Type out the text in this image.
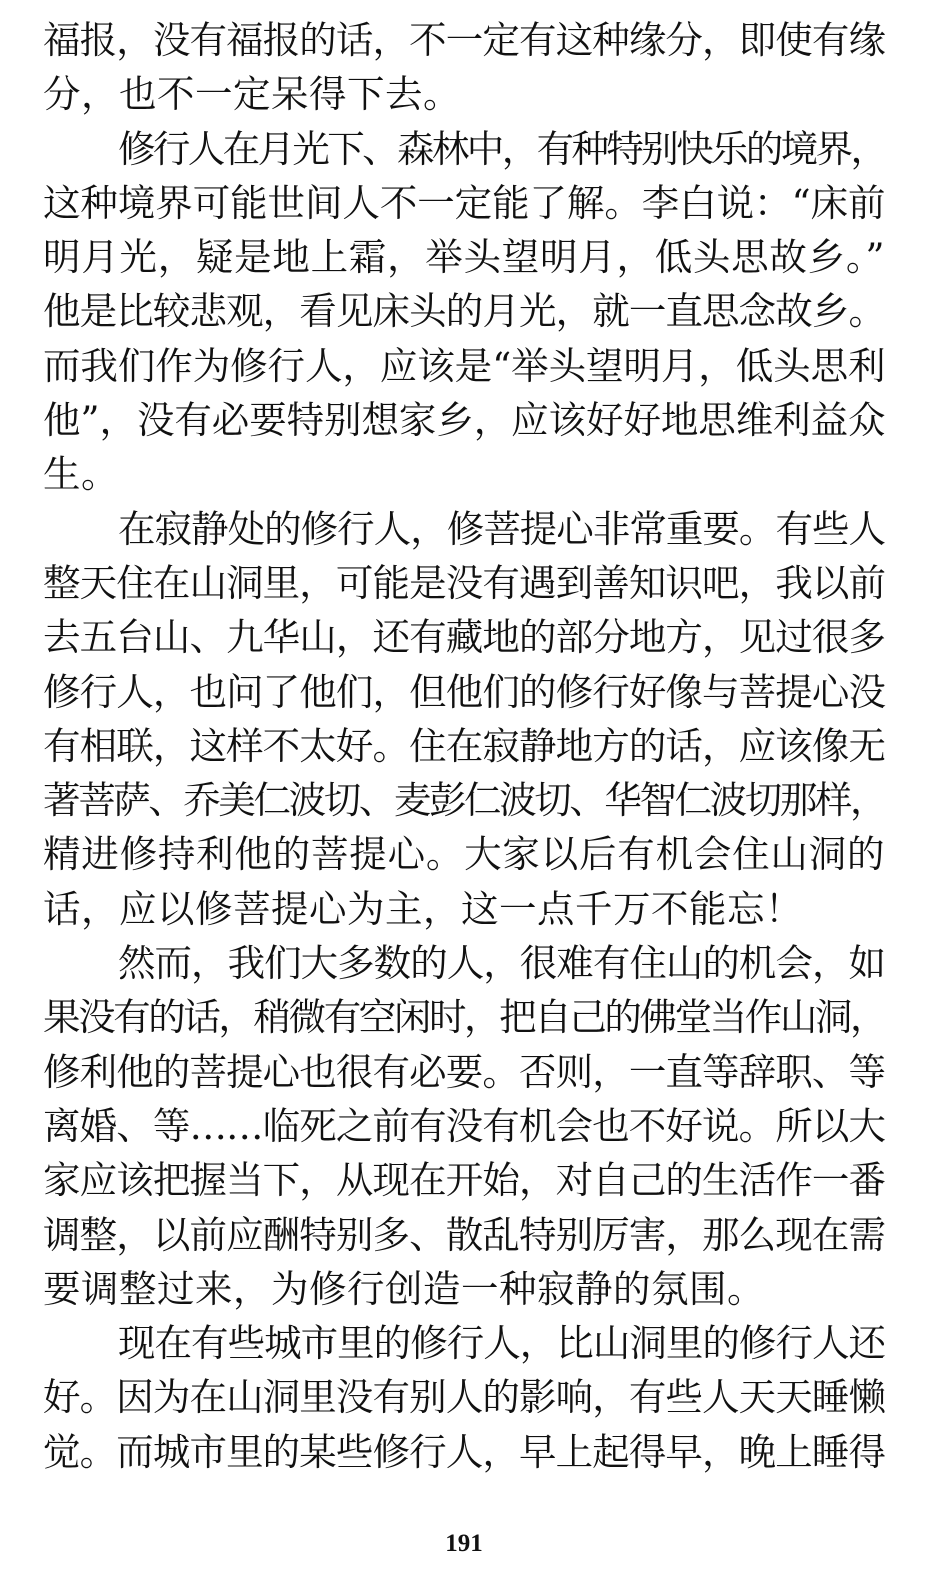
福报，没有福报的话，不一定有这种缘分，即使有缘
分，也不一定呆得下去。
修行人在月光下、森林中，有种特别快乐的境界，
这种境界可能世间人不一定能了解。李白说：“床前
明月光，疑是地上霜，举头望明月，低头思故乡。”
他是比较悲观，看见床头的月光，就一直思念故乡。
而我们作为修行人，应该是“举头望明月，低头思利
他”，没有必要特别想家乡，应该好好地思维利益众
生。
在寂静处的修行人，修菩提心非常重要。有些人
整天住在山洞里，可能是没有遇到善知识吧，我以前
去五台山、九华山，还有藏地的部分地方，见过很多
修行人，也问了他们，但他们的修行好像与菩提心没
有相联，这样不太好。住在寂静地方的话，应该像无
著菩萨、乔美仁波切、麦彭仁波切、华智仁波切那样，
精进修持利他的菩提心。大家以后有机会住山洞的
话，应以修菩提心为主，这一点千万不能忘！
然而，我们大多数的人，很难有住山的机会，如
果没有的话，稍微有空闲时，把自己的佛堂当作山洞，
修利他的菩提心也很有必要。否则，一直等辞职、等
离婚、等……临死之前有没有机会也不好说。所以大
家应该把握当下，从现在开始，对自己的生活作一番
调整，以前应酬特别多、散乱特别厉害，那么现在需
要调整过来，为修行创造一种寂静的氛围。
现在有些城市里的修行人，比山洞里的修行人还
好。因为在山洞里没有别人的影响，有些人天天睡懒
觉。而城市里的某些修行人，早上起得早，晚上睡得
191
